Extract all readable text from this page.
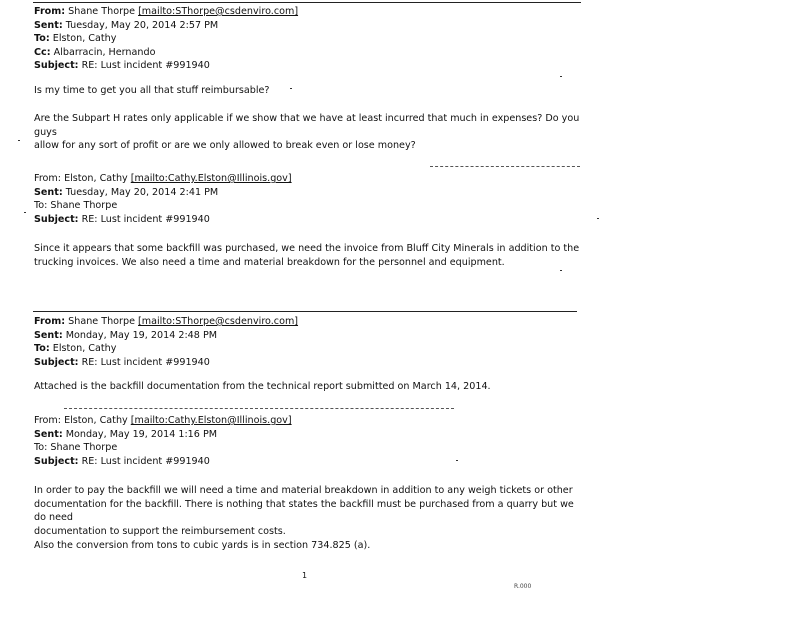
From: Shane Thorpe [mailto:SThorpe@csdenviro.com]
Sent: Tuesday, May 20, 2014 2:57 PM
To: Elston, Cathy
Cc: Albarracin, Hernando
Subject: RE: Lust incident #991940
Is my time to get you all that stuff reimbursable?
Are the Subpart H rates only applicable if we show that we have at least incurred that much in expenses? Do you guys
allow for any sort of profit or are we only allowed to break even or lose money?
From: Elston, Cathy [mailto:Cathy.Elston@Illinois.gov]
Sent: Tuesday, May 20, 2014 2:41 PM
To: Shane Thorpe
Subject: RE: Lust incident #991940
Since it appears that some backfill was purchased, we need the invoice from Bluff City Minerals in addition to the
trucking invoices. We also need a time and material breakdown for the personnel and equipment.
From: Shane Thorpe [mailto:SThorpe@csdenviro.com]
Sent: Monday, May 19, 2014 2:48 PM
To: Elston, Cathy
Subject: RE: Lust incident #991940
Attached is the backfill documentation from the technical report submitted on March 14, 2014.
From: Elston, Cathy [mailto:Cathy.Elston@Illinois.gov]
Sent: Monday, May 19, 2014 1:16 PM
To: Shane Thorpe
Subject: RE: Lust incident #991940
In order to pay the backfill we will need a time and material breakdown in addition to any weigh tickets or other
documentation for the backfill. There is nothing that states the backfill must be purchased from a quarry but we do need
documentation to support the reimbursement costs.
Also the conversion from tons to cubic yards is in section 734.825 (a).
1
R.000
